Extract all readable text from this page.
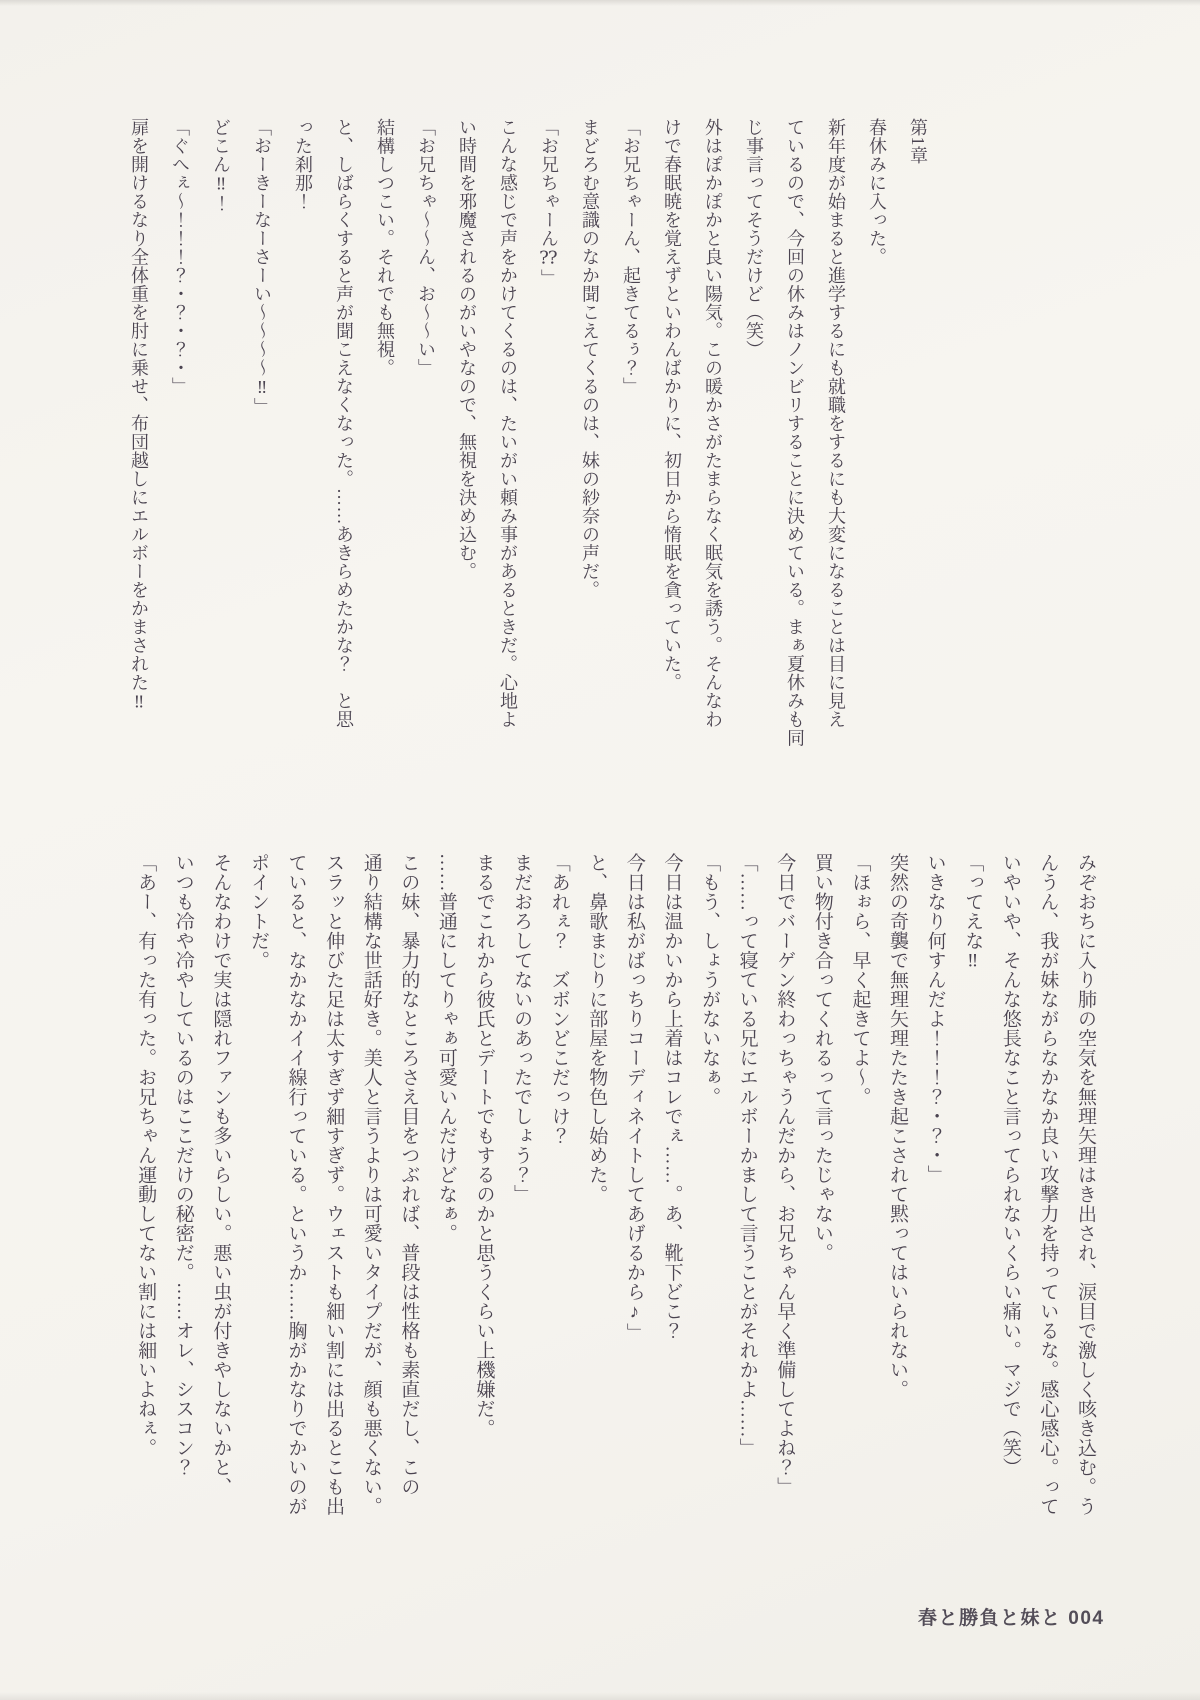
第1章

春休みに入った。

新年度が始まると進学するにも就職をするにも大変になることは目に見え

ているので、今回の休みはノンビリすることに決めている。まぁ夏休みも同

じ事言ってそうだけど（笑）

外はぽかぽかと良い陽気。この暖かさがたまらなく眠気を誘う。そんなわ

けで春眠暁を覚えずといわんばかりに、初日から惰眠を貪っていた。

「お兄ちゃーん、起きてるぅ？」

まどろむ意識のなか聞こえてくるのは、妹の紗奈の声だ。

「お兄ちゃーん⁇」

こんな感じで声をかけてくるのは、たいがい頼み事があるときだ。心地よ

い時間を邪魔されるのがいやなので、無視を決め込む。

「お兄ちゃ〜〜ん、お〜〜い」

結構しつこい。それでも無視。

と、しばらくすると声が聞こえなくなった。……あきらめたかな？　と思

った刹那！

「おーきーなーさーい〜〜〜〜‼」

どこん‼！

「ぐへぇ〜！！！？・？・？・」

扉を開けるなり全体重を肘に乗せ、布団越しにエルボーをかまされた‼

みぞおちに入り肺の空気を無理矢理はき出され、涙目で激しく咳き込む。う

んうん、我が妹ながらなかなか良い攻撃力を持っているな。感心感心。って

いやいや、そんな悠長なこと言ってられないくらい痛い。マジで（笑）

「ってえな‼

いきなり何すんだよ！！！？・？・」

突然の奇襲で無理矢理たたき起こされて黙ってはいられない。

「ほぉら、早く起きてよ〜。

買い物付き合ってくれるって言ったじゃない。

今日でバーゲン終わっちゃうんだから、お兄ちゃん早く準備してよね？」

「……って寝ている兄にエルボーかまして言うことがそれかよ……」

「もう、しょうがないなぁ。

今日は温かいから上着はコレでぇ……。あ、靴下どこ？

今日は私がばっちりコーディネイトしてあげるから♪」

と、鼻歌まじりに部屋を物色し始めた。

「あれぇ？　ズボンどこだっけ？

まだおろしてないのあったでしょう？」

まるでこれから彼氏とデートでもするのかと思うくらい上機嫌だ。

……普通にしてりゃぁ可愛いんだけどなぁ。

この妹、暴力的なところさえ目をつぶれば、普段は性格も素直だし、この

通り結構な世話好き。美人と言うよりは可愛いタイプだが、顔も悪くない。

スラッと伸びた足は太すぎず細すぎず。ウェストも細い割には出るとこも出

ていると、なかなかイイ線行っている。というか……胸がかなりでかいのが

ポイントだ。

そんなわけで実は隠れファンも多いらしい。悪い虫が付きやしないかと、

いつも冷や冷やしているのはここだけの秘密だ。……オレ、シスコン？

「あー、有った有った。お兄ちゃん運動してない割には細いよねぇ。

春と勝負と妹と 004
